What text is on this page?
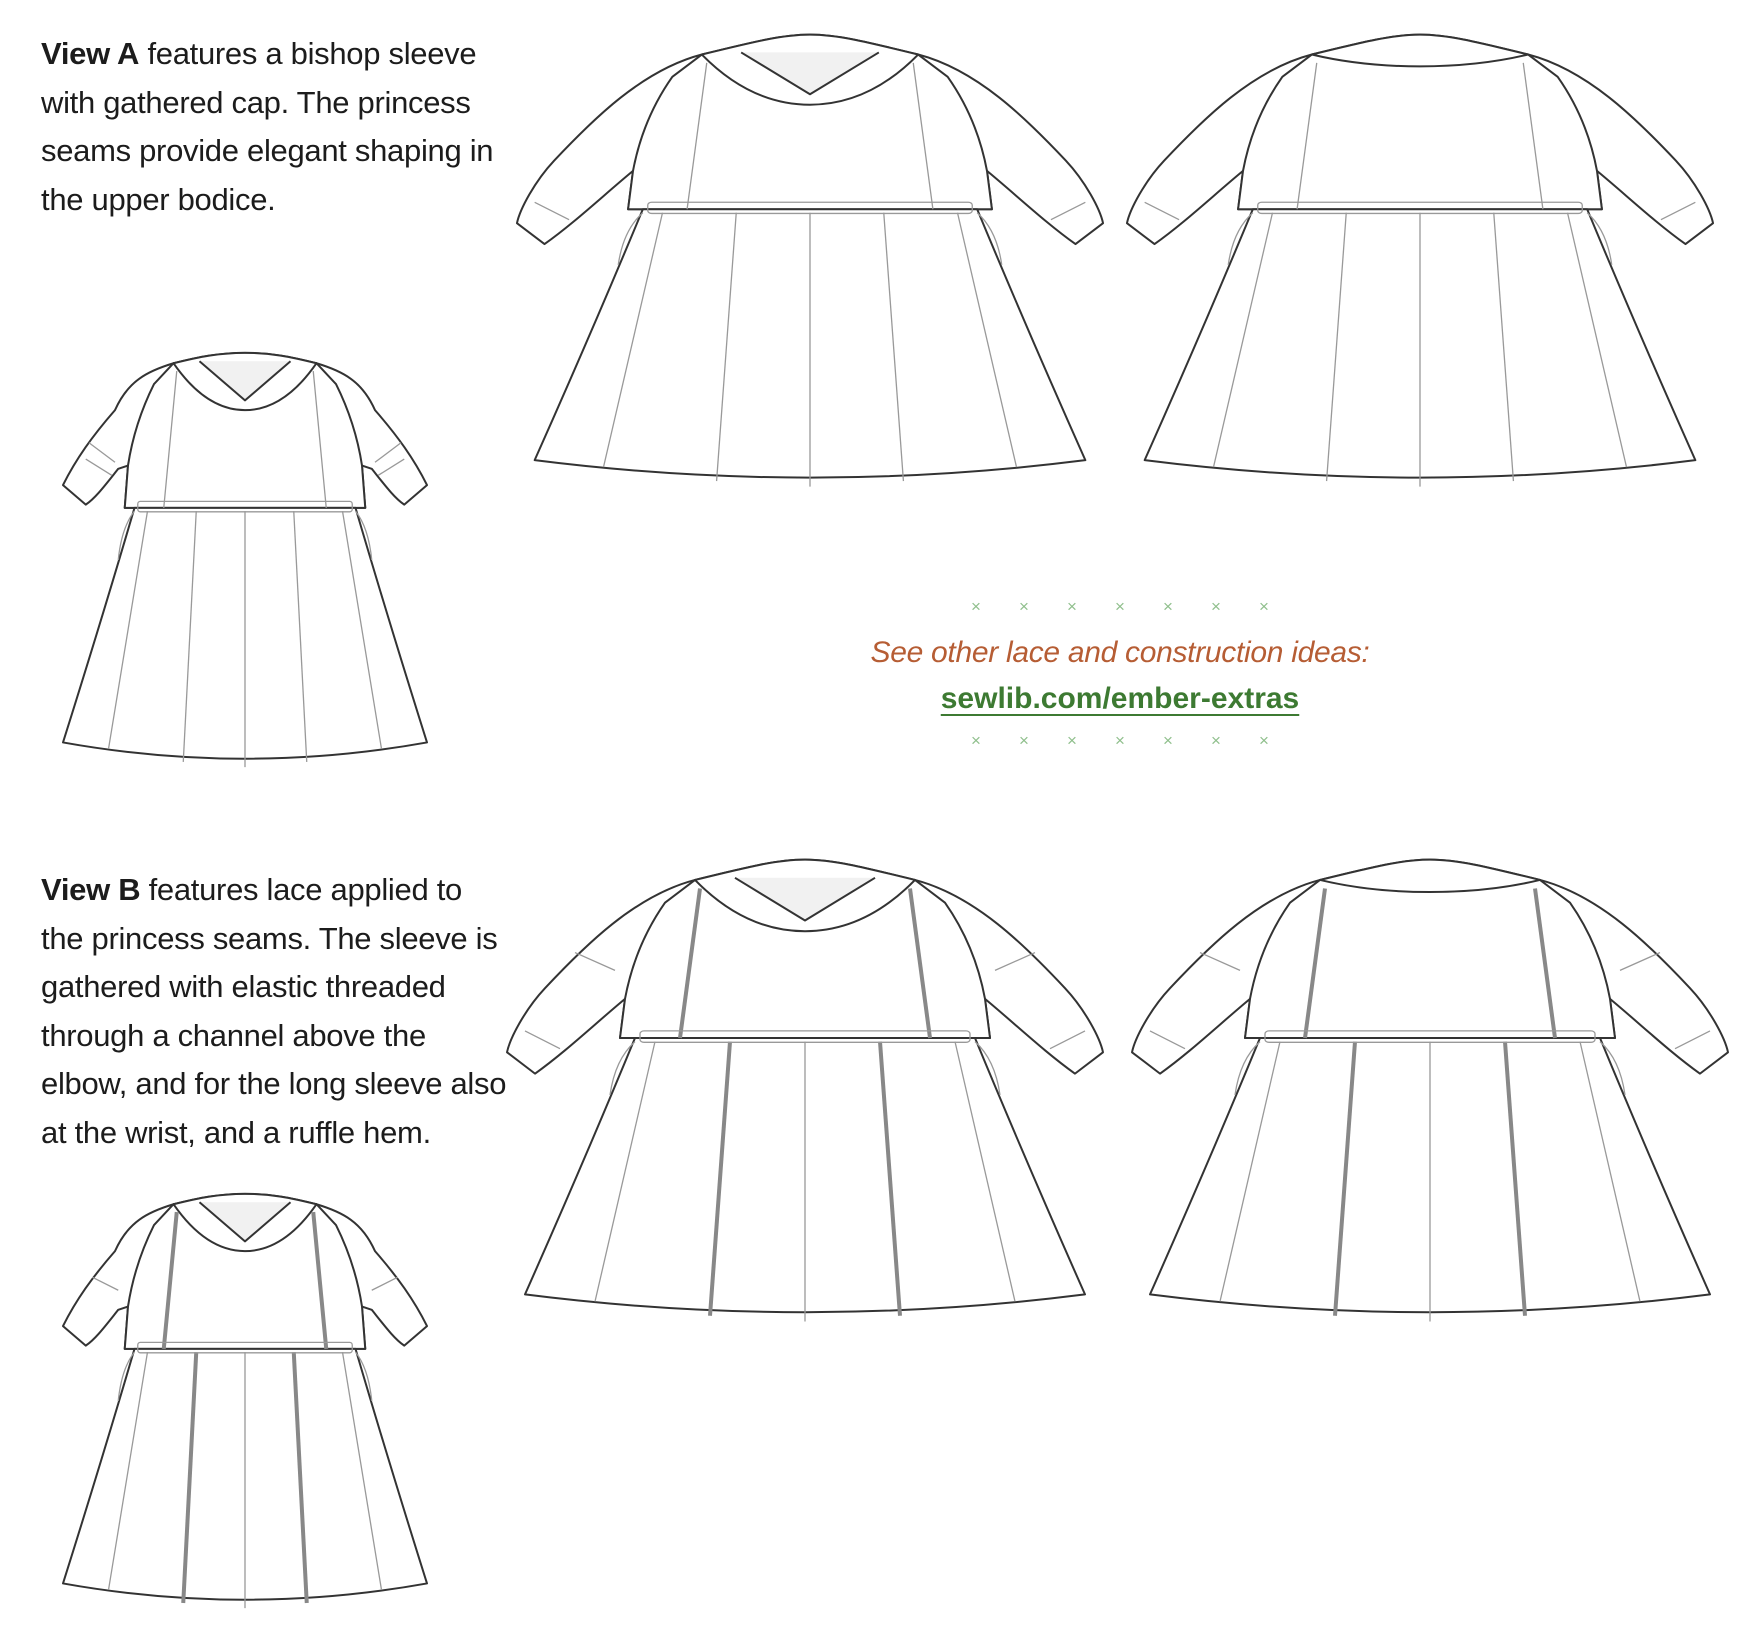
View A features a bishop sleeve with gathered cap. The princess seams provide elegant shaping in the upper bodice.

View B features lace applied to the princess seams. The sleeve is gathered with elastic threaded through a channel above the elbow, and for the long sleeve also at the wrist, and a ruffle hem.

×	×	×	×	×	×	×

See other lace and construction ideas:

sewlib.com/ember-extras
×	×	×	×	×	×	×
